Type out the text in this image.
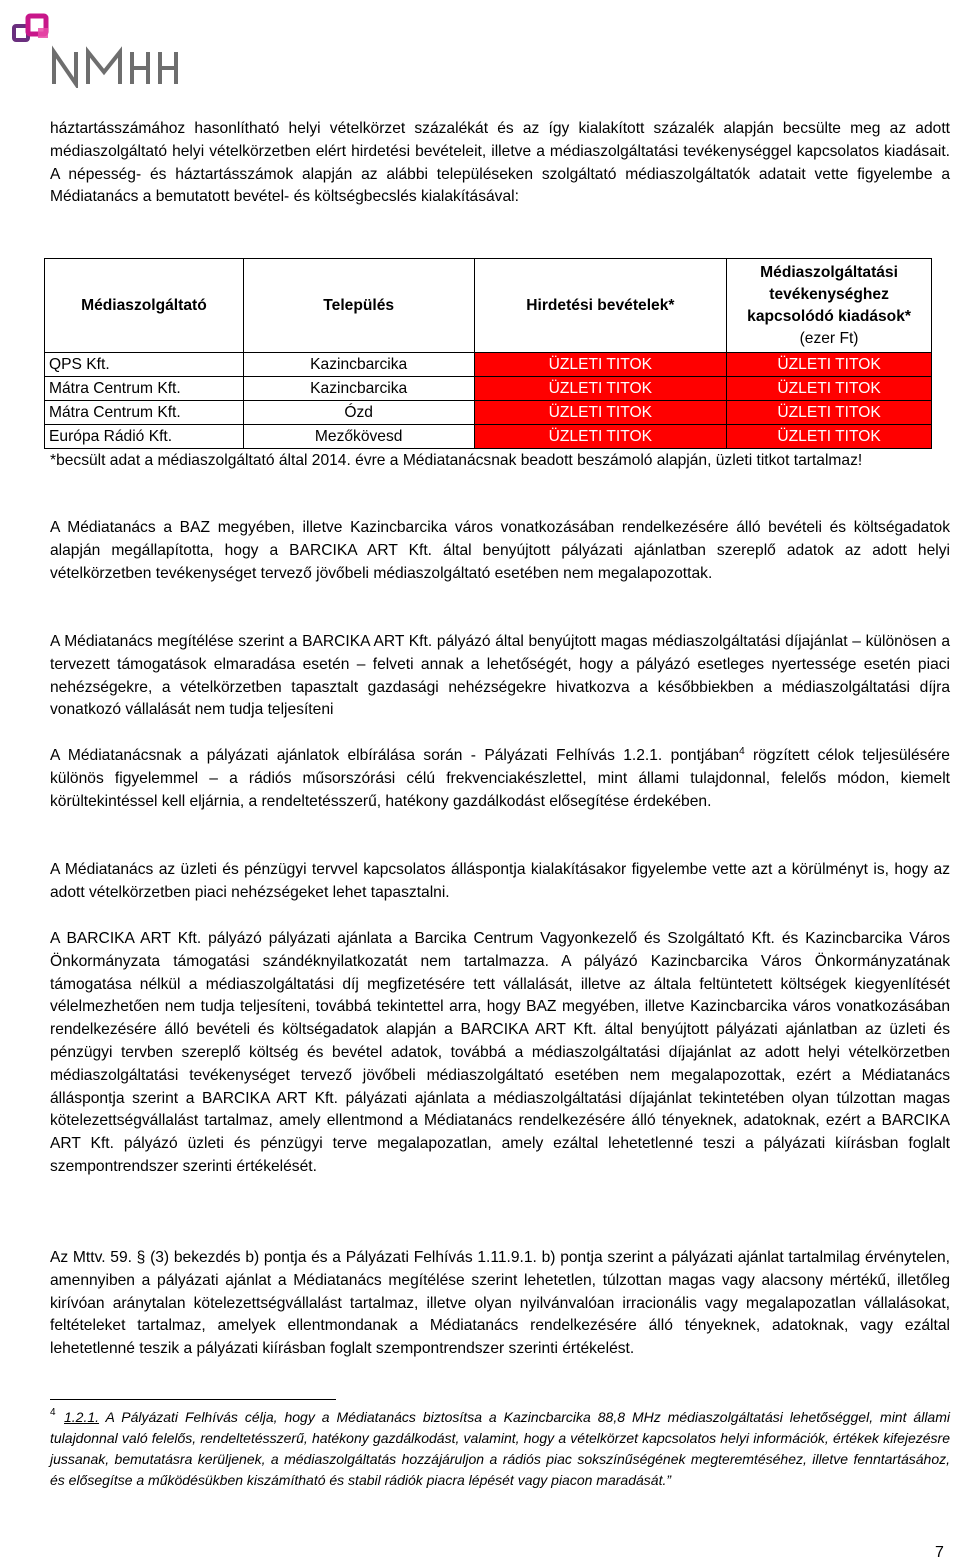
háztartásszámához hasonlítható helyi vételkörzet százalékát és az így kialakított százalék alapján becsülte meg az adott médiaszolgáltató helyi vételkörzetben elért hirdetési bevételeit, illetve a médiaszolgáltatási tevékenységgel kapcsolatos kiadásait. A népesség- és háztartásszámok alapján az alábbi településeken szolgáltató médiaszolgáltatók adatait vette figyelembe a Médiatanács a bemutatott bevétel- és költségbecslés kialakításával:

Médiaszolgáltató	Település	Hirdetési bevételek*	Médiaszolgáltatási tevékenységhez kapcsolódó kiadások* (ezer Ft)
QPS Kft.	Kazincbarcika	ÜZLETI TITOK	ÜZLETI TITOK
Mátra Centrum Kft.	Kazincbarcika	ÜZLETI TITOK	ÜZLETI TITOK
Mátra Centrum Kft.	Ózd	ÜZLETI TITOK	ÜZLETI TITOK
Európa Rádió Kft.	Mezőkövesd	ÜZLETI TITOK	ÜZLETI TITOK

*becsült adat a médiaszolgáltató által 2014. évre a Médiatanácsnak beadott beszámoló alapján, üzleti titkot tartalmaz!

A Médiatanács a BAZ megyében, illetve Kazincbarcika város vonatkozásában rendelkezésére álló bevételi és költségadatok alapján megállapította, hogy a BARCIKA ART Kft. által benyújtott pályázati ajánlatban szereplő adatok az adott helyi vételkörzetben tevékenységet tervező jövőbeli médiaszolgáltató esetében nem megalapozottak.

A Médiatanács megítélése szerint a BARCIKA ART Kft. pályázó által benyújtott magas médiaszolgáltatási díjajánlat – különösen a tervezett támogatások elmaradása esetén – felveti annak a lehetőségét, hogy a pályázó esetleges nyertessége esetén piaci nehézségekre, a vételkörzetben tapasztalt gazdasági nehézségekre hivatkozva a későbbiekben a médiaszolgáltatási díjra vonatkozó vállalását nem tudja teljesíteni

A Médiatanácsnak a pályázati ajánlatok elbírálása során - Pályázati Felhívás 1.2.1. pontjában$^4$ rögzített célok teljesülésére különös figyelemmel – a rádiós műsorszórási célú frekvenciakészlettel, mint állami tulajdonnal, felelős módon, kiemelt körültekintéssel kell eljárnia, a rendeltetésszerű, hatékony gazdálkodást elősegítése érdekében.

A Médiatanács az üzleti és pénzügyi tervvel kapcsolatos álláspontja kialakításakor figyelembe vette azt a körülményt is, hogy az adott vételkörzetben piaci nehézségeket lehet tapasztalni.

A BARCIKA ART Kft. pályázó pályázati ajánlata a Barcika Centrum Vagyonkezelő és Szolgáltató Kft. és Kazincbarcika Város Önkormányzata támogatási szándéknyilatkozatát nem tartalmazza. A pályázó Kazincbarcika Város Önkormányzatának támogatása nélkül a médiaszolgáltatási díj megfizetésére tett vállalását, illetve az általa feltüntetett költségek kiegyenlítését vélelmezhetően nem tudja teljesíteni, továbbá tekintettel arra, hogy BAZ megyében, illetve Kazincbarcika város vonatkozásában rendelkezésére álló bevételi és költségadatok alapján a BARCIKA ART Kft. által benyújtott pályázati ajánlatban az üzleti és pénzügyi tervben szereplő költség és bevétel adatok, továbbá a médiaszolgáltatási díjajánlat az adott helyi vételkörzetben médiaszolgáltatási tevékenységet tervező jövőbeli médiaszolgáltató esetében nem megalapozottak, ezért a Médiatanács álláspontja szerint a BARCIKA ART Kft. pályázati ajánlata a médiaszolgáltatási díjajánlat tekintetében olyan túlzottan magas kötelezettségvállalást tartalmaz, amely ellentmond a Médiatanács rendelkezésére álló tényeknek, adatoknak, ezért a BARCIKA ART Kft. pályázó üzleti és pénzügyi terve megalapozatlan, amely ezáltal lehetetlenné teszi a pályázati kiírásban foglalt szempontrendszer szerinti értékelését.

Az Mttv. 59. § (3) bekezdés b) pontja és a Pályázati Felhívás 1.11.9.1. b) pontja szerint a pályázati ajánlat tartalmilag érvénytelen, amennyiben a pályázati ajánlat a Médiatanács megítélése szerint lehetetlen, túlzottan magas vagy alacsony mértékű, illetőleg kirívóan aránytalan kötelezettségvállalást tartalmaz, illetve olyan nyilvánvalóan irracionális vagy megalapozatlan vállalásokat, feltételeket tartalmaz, amelyek ellentmondanak a Médiatanács rendelkezésére álló tényeknek, adatoknak, vagy ezáltal lehetetlenné teszik a pályázati kiírásban foglalt szempontrendszer szerinti értékelést.

4 1.2.1. A Pályázati Felhívás célja, hogy a Médiatanács biztosítsa a Kazincbarcika 88,8 MHz médiaszolgáltatási lehetőséggel, mint állami tulajdonnal való felelős, rendeltetésszerű, hatékony gazdálkodást, valamint, hogy a vételkörzet kapcsolatos helyi információk, értékek kifejezésre jussanak, bemutatásra kerüljenek, a médiaszolgáltatás hozzájáruljon a rádiós piac sokszínűségének megteremtéséhez, illetve fenntartásához, és elősegítse a működésükben kiszámítható és stabil rádiók piacra lépését vagy piacon maradását.”

7
